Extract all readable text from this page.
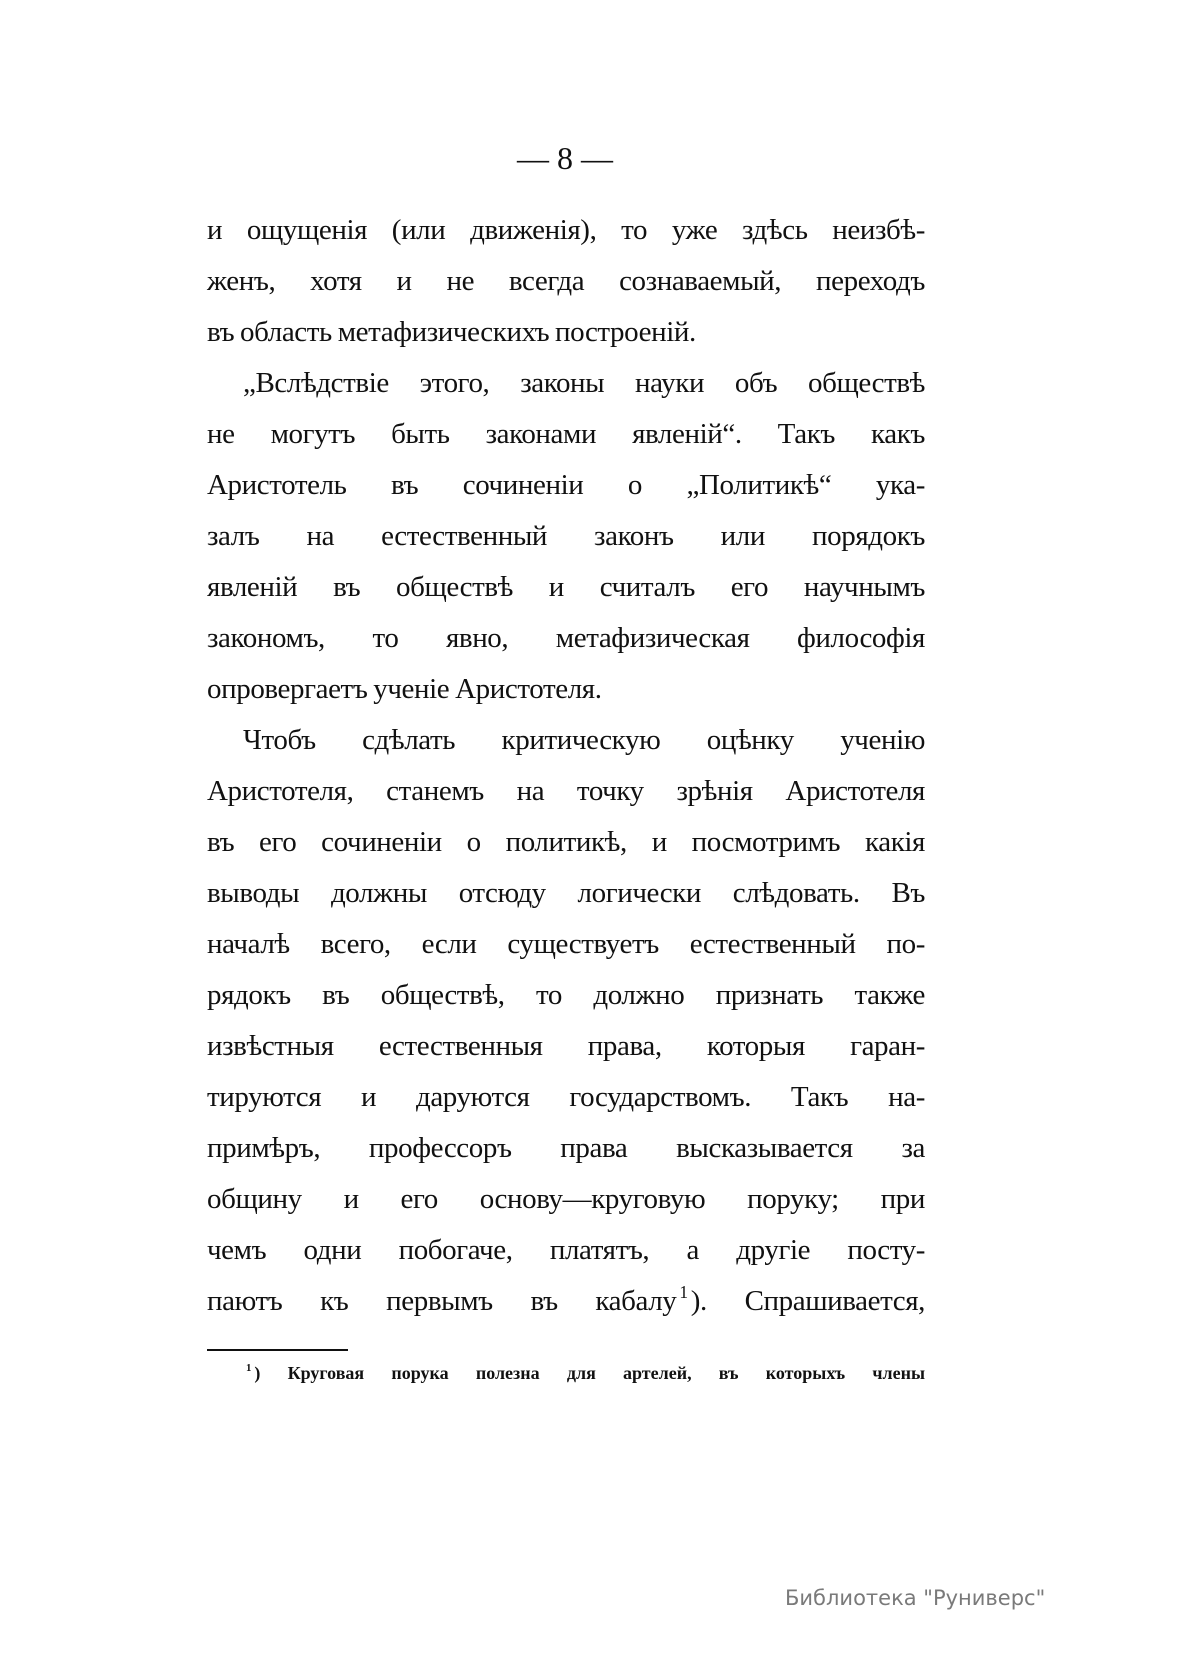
— 8 —
и ощущенія (или движенія), то уже здѣсь неизбѣ-
женъ, хотя и не всегда сознаваемый, переходъ
въ область метафизическихъ построеній.
„Вслѣдствіе этого, законы науки объ обществѣ
не могутъ быть законами явленій“. Такъ какъ
Аристотель въ сочиненіи о „Политикѣ“ ука-
залъ на естественный законъ или порядокъ
явленій въ обществѣ и считалъ его научнымъ
закономъ, то явно, метафизическая философія
опровергаетъ ученіе Аристотеля.
Чтобъ сдѣлать критическую оцѣнку ученію
Аристотеля, станемъ на точку зрѣнія Аристотеля
въ его сочиненіи о политикѣ, и посмотримъ какія
выводы должны отсюду логически слѣдовать. Въ
началѣ всего, если существуетъ естественный по-
рядокъ въ обществѣ, то должно признать также
извѣстныя естественныя права, которыя гаран-
тируются и даруются государствомъ. Такъ на-
примѣръ, профессоръ права высказывается за
общину и его основу—круговую поруку; при
чемъ одни побогаче, платятъ, а другіе посту-
паютъ къ первымъ въ кабалу $^1$ ). Спрашивается,
$^1$ ) Круговая порука полезна для артелей, въ которыхъ члены
Библиотека "Руниверс"
